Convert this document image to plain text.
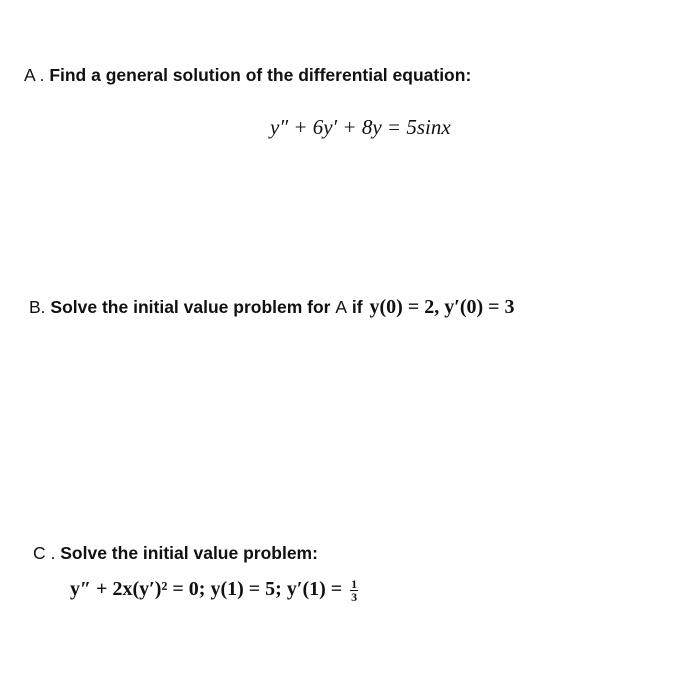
A . Find a general solution of the differential equation:
y″ + 6y′ + 8y = 5sinx
B. Solve the initial value problem for A if y(0) = 2, y′(0) = 3
C . Solve the initial value problem:
y″ + 2x(y′)² = 0; y(1) = 5; $y'(1) = \frac{1}{3}$
